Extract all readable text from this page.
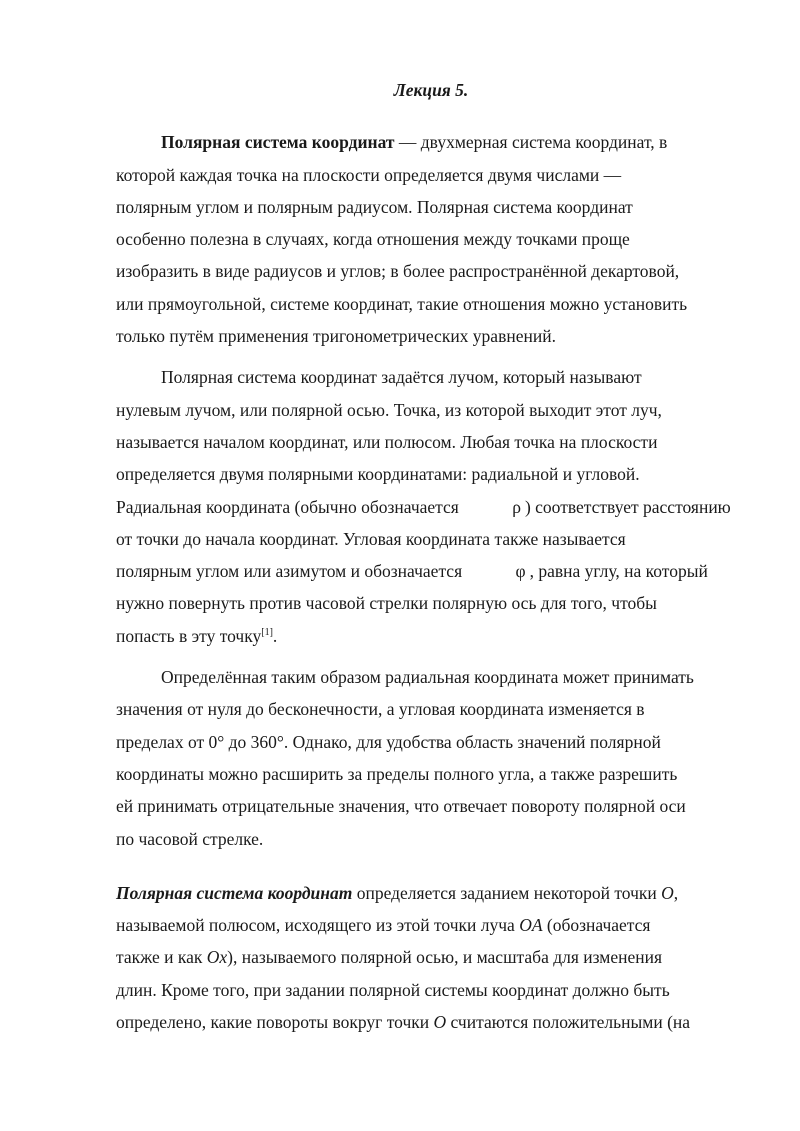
Лекция 5.

Полярная система координат — двухмерная система координат, в
которой каждая точка на плоскости определяется двумя числами —
полярным углом и полярным радиусом. Полярная система координат
особенно полезна в случаях, когда отношения между точками проще
изобразить в виде радиусов и углов; в более распространённой декартовой,
или прямоугольной, системе координат, такие отношения можно установить
только путём применения тригонометрических уравнений.

Полярная система координат задаётся лучом, который называют
нулевым лучом, или полярной осью. Точка, из которой выходит этот луч,
называется началом координат, или полюсом. Любая точка на плоскости
определяется двумя полярными координатами: радиальной и угловой.
Радиальная координата (обычно обозначается	ρ ) соответствует расстоянию
от точки до начала координат. Угловая координата также называется
полярным углом или азимутом и обозначается	φ , равна углу, на который
нужно повернуть против часовой стрелки полярную ось для того, чтобы
попасть в эту точку[1].

Определённая таким образом радиальная координата может принимать
значения от нуля до бесконечности, а угловая координата изменяется в
пределах от 0° до 360°. Однако, для удобства область значений полярной
координаты можно расширить за пределы полного угла, а также разрешить
ей принимать отрицательные значения, что отвечает повороту полярной оси
по часовой стрелке.

Полярная система координат определяется заданием некоторой точки O,
называемой полюсом, исходящего из этой точки луча OA (обозначается
также и как Ox), называемого полярной осью, и масштаба для изменения
длин. Кроме того, при задании полярной системы координат должно быть
определено, какие повороты вокруг точки O считаются положительными (на
